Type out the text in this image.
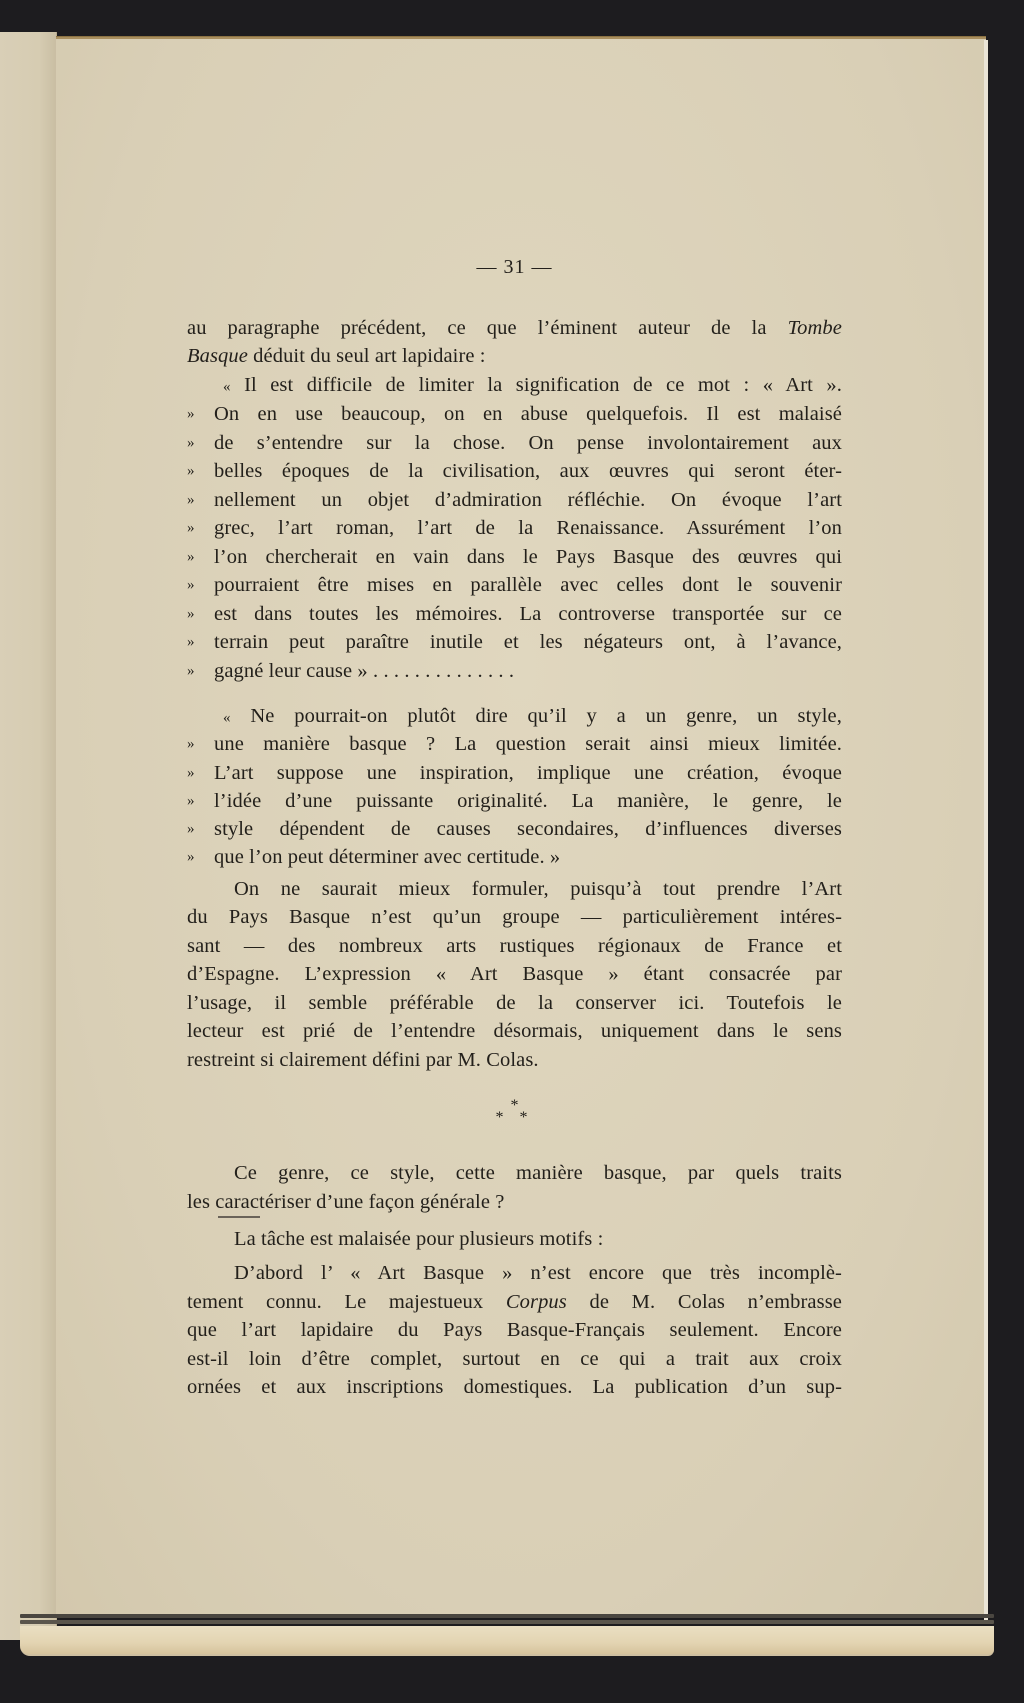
— 31 —
au paragraphe précédent, ce que l’éminent auteur de la Tombe
Basque déduit du seul art lapidaire :
« Il est difficile de limiter la signification de ce mot : « Art ».
» On en use beaucoup, on en abuse quelquefois. Il est malaisé
» de s’entendre sur la chose. On pense involontairement aux
» belles époques de la civilisation, aux œuvres qui seront éter-
» nellement un objet d’admiration réfléchie. On évoque l’art
» grec, l’art roman, l’art de la Renaissance. Assurément l’on
» l’on chercherait en vain dans le Pays Basque des œuvres qui
» pourraient être mises en parallèle avec celles dont le souvenir
» est dans toutes les mémoires. La controverse transportée sur ce
» terrain peut paraître inutile et les négateurs ont, à l’avance,
» gagné leur cause » . . . . . . . . . . . . . .
« Ne pourrait-on plutôt dire qu’il y a un genre, un style,
» une manière basque ? La question serait ainsi mieux limitée.
» L’art suppose une inspiration, implique une création, évoque
» l’idée d’une puissante originalité. La manière, le genre, le
» style dépendent de causes secondaires, d’influences diverses
» que l’on peut déterminer avec certitude. »
On ne saurait mieux formuler, puisqu’à tout prendre l’Art
du Pays Basque n’est qu’un groupe — particulièrement intéres-
sant — des nombreux arts rustiques régionaux de France et
d’Espagne. L’expression « Art Basque » étant consacrée par
l’usage, il semble préférable de la conserver ici. Toutefois le
lecteur est prié de l’entendre désormais, uniquement dans le sens
restreint si clairement défini par M. Colas.
*
* *
Ce genre, ce style, cette manière basque, par quels traits
les caractériser d’une façon générale ?
La tâche est malaisée pour plusieurs motifs :
D’abord l’ « Art Basque » n’est encore que très incomplè-
tement connu. Le majestueux Corpus de M. Colas n’embrasse
que l’art lapidaire du Pays Basque-Français seulement. Encore
est-il loin d’être complet, surtout en ce qui a trait aux croix
ornées et aux inscriptions domestiques. La publication d’un sup-
